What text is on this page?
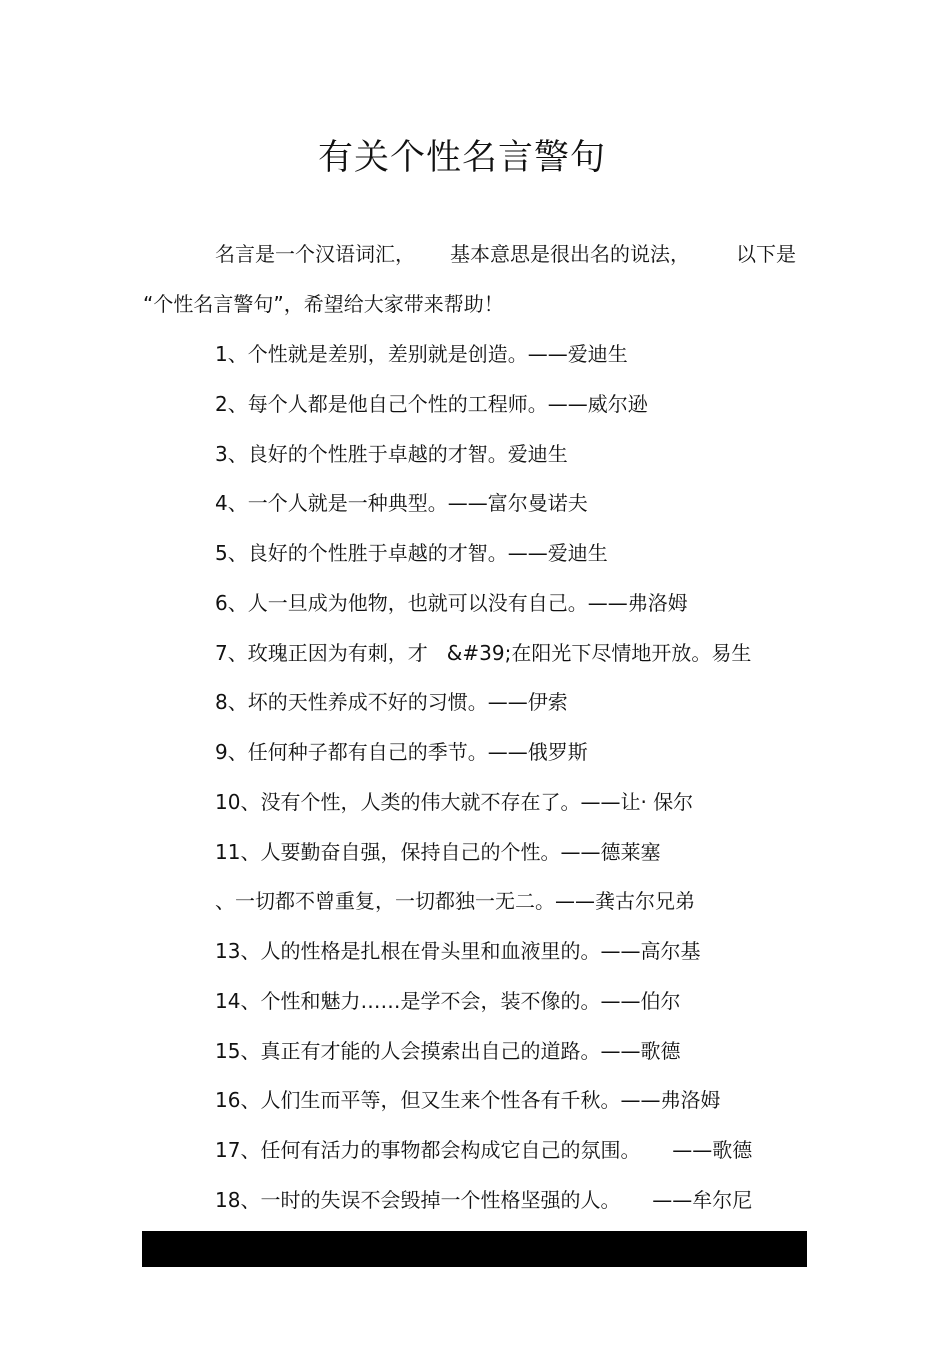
有关个性名言警句
名言是一个汉语词汇， 基本意思是很出名的说法， 以下是
“个性名言警句”，希望给大家带来帮助！
1、个性就是差别，差别就是创造。——爱迪生
2、每个人都是他自己个性的工程师。——威尔逊
3、良好的个性胜于卓越的才智。爱迪生
4、一个人就是一种典型。——富尔曼诺夫
5、良好的个性胜于卓越的才智。——爱迪生
6、人一旦成为他物，也就可以没有自己。——弗洛姆
7、玫瑰正因为有刺，才   &#39;在阳光下尽情地开放。易生
8、坏的天性养成不好的习惯。——伊索
9、任何种子都有自己的季节。——俄罗斯
10、没有个性，人类的伟大就不存在了。——让· 保尔
11、人要勤奋自强，保持自己的个性。——德莱塞
、一切都不曾重复，一切都独一无二。——龚古尔兄弟
13、人的性格是扎根在骨头里和血液里的。——高尔基
14、个性和魅力……是学不会，装不像的。——伯尔
15、真正有才能的人会摸索出自己的道路。——歌德
16、人们生而平等，但又生来个性各有千秋。——弗洛姆
17、任何有活力的事物都会构成它自己的氛围。     ——歌德
18、一时的失误不会毁掉一个性格坚强的人。     ——牟尔尼
